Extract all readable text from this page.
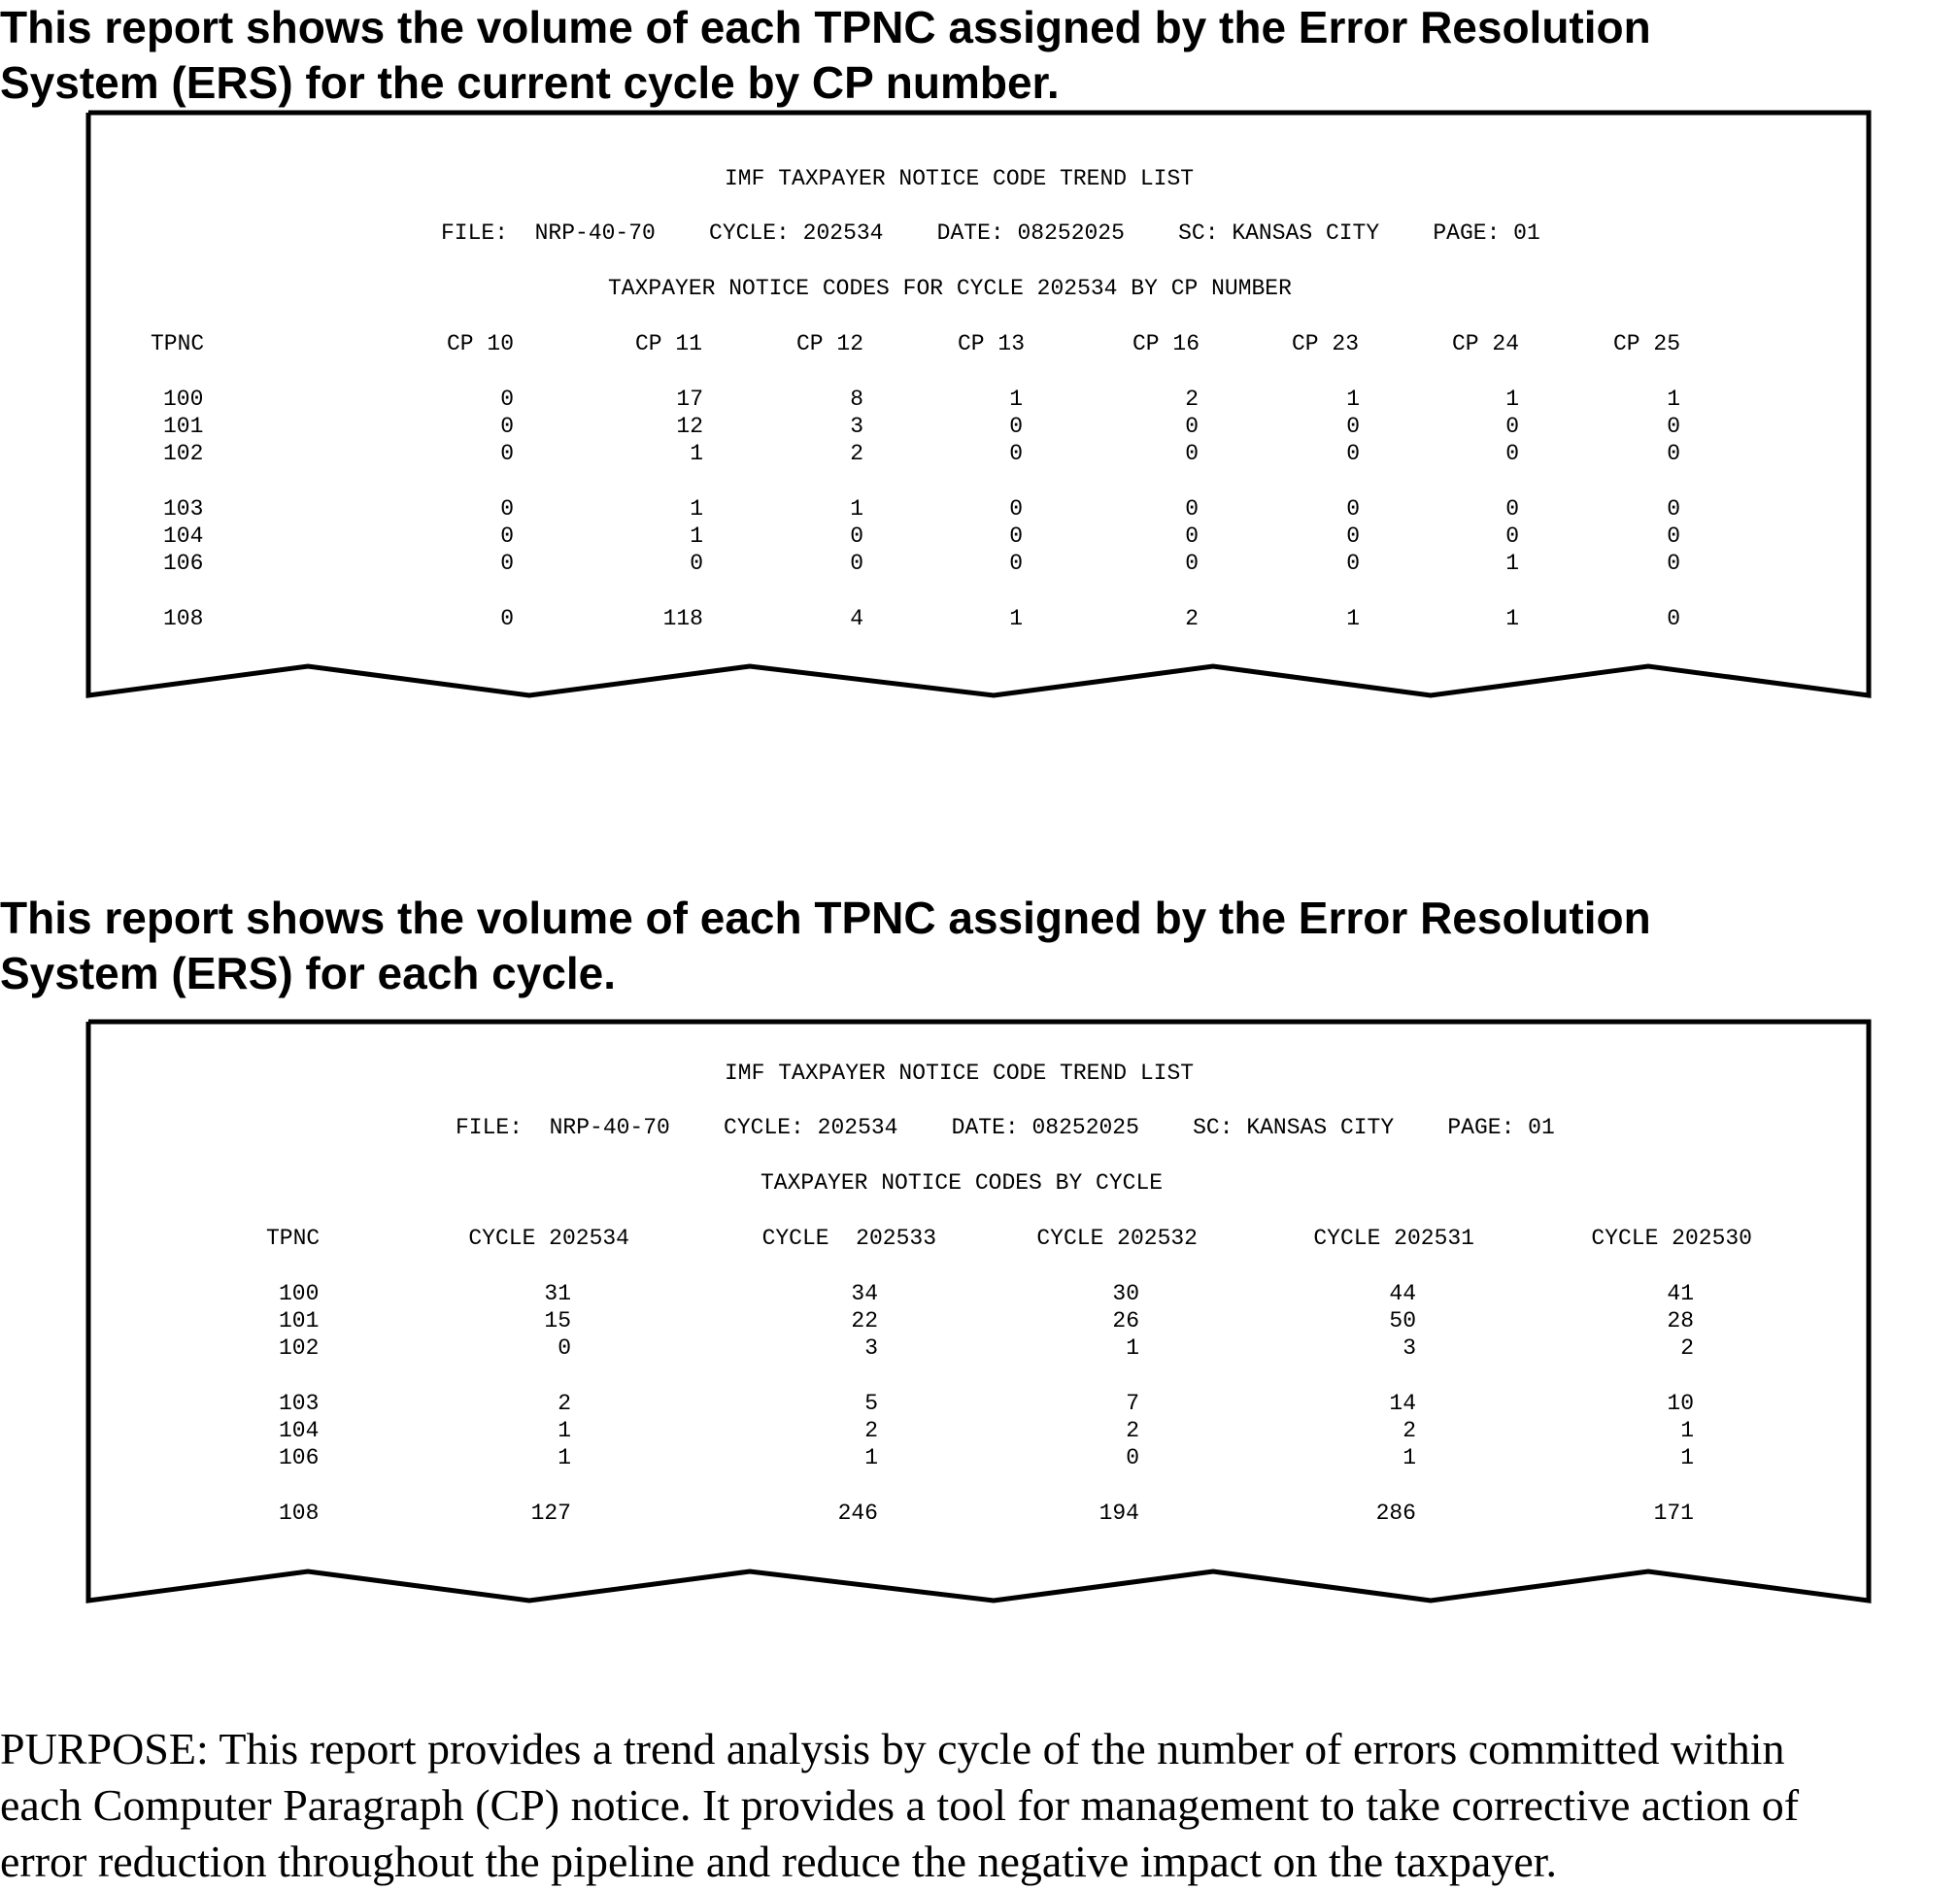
This report shows the volume of each TPNC assigned by the Error Resolution
System (ERS) for the current cycle by CP number.
IMF TAXPAYER NOTICE CODE TREND LIST
FILE:  NRP-40-70    CYCLE: 202534    DATE: 08252025    SC: KANSAS CITY    PAGE: 01
TAXPAYER NOTICE CODES FOR CYCLE 202534 BY CP NUMBER
TPNC	CP 10	CP 11	CP 12	CP 13	CP 16	CP 23	CP 24	CP 25
100	0	17	8	1	2	1	1	1
101	0	12	3	0	0	0	0	0
102	0	1	2	0	0	0	0	0
103	0	1	1	0	0	0	0	0
104	0	1	0	0	0	0	0	0
106	0	0	0	0	0	0	1	0
108	0	118	4	1	2	1	1	0
This report shows the volume of each TPNC assigned by the Error Resolution
System (ERS) for each cycle.
IMF TAXPAYER NOTICE CODE TREND LIST
FILE:  NRP-40-70    CYCLE: 202534    DATE: 08252025    SC: KANSAS CITY    PAGE: 01
TAXPAYER NOTICE CODES BY CYCLE
TPNC	CYCLE 202534	CYCLE  202533	CYCLE 202532	CYCLE 202531	CYCLE 202530
100	31	34	30	44	41
101	15	22	26	50	28
102	0	3	1	3	2
103	2	5	7	14	10
104	1	2	2	2	1
106	1	1	0	1	1
108	127	246	194	286	171
PURPOSE: This report provides a trend analysis by cycle of the number of errors committed within
each Computer Paragraph (CP) notice. It provides a tool for management to take corrective action of
error reduction throughout the pipeline and reduce the negative impact on the taxpayer.
